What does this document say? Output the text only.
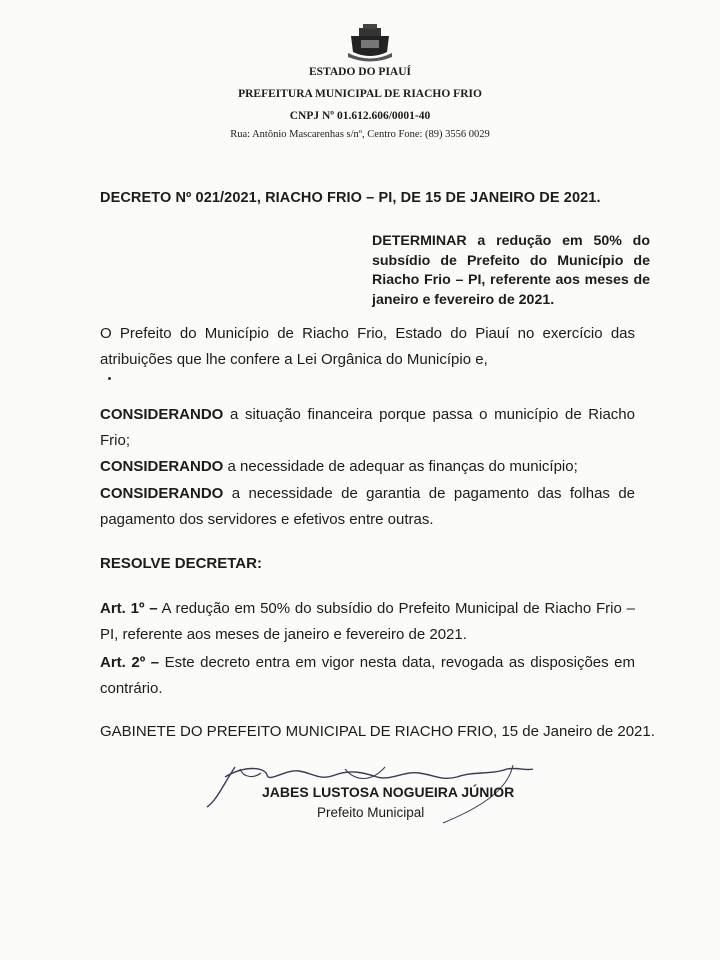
ESTADO DO PIAUÍ
PREFEITURA MUNICIPAL DE RIACHO FRIO
CNPJ Nº 01.612.606/0001-40
Rua: Antônio Mascarenhas s/nº, Centro Fone: (89) 3556 0029
DECRETO Nº 021/2021, RIACHO FRIO – PI, DE 15 DE JANEIRO DE 2021.
DETERMINAR a redução em 50% do subsídio de Prefeito do Município de Riacho Frio – PI, referente aos meses de janeiro e fevereiro de 2021.
O Prefeito do Município de Riacho Frio, Estado do Piauí no exercício das atribuições que lhe confere a Lei Orgânica do Município e,
CONSIDERANDO a situação financeira porque passa o município de Riacho Frio;
CONSIDERANDO a necessidade de adequar as finanças do município;
CONSIDERANDO a necessidade de garantia de pagamento das folhas de pagamento dos servidores e efetivos entre outras.
RESOLVE DECRETAR:
Art. 1º – A redução em 50% do subsídio do Prefeito Municipal de Riacho Frio – PI, referente aos meses de janeiro e fevereiro de 2021.
Art. 2º – Este decreto entra em vigor nesta data, revogada as disposições em contrário.
GABINETE DO PREFEITO MUNICIPAL DE RIACHO FRIO, 15 de Janeiro de 2021.
JABES LUSTOSA NOGUEIRA JÚNIOR
Prefeito Municipal
